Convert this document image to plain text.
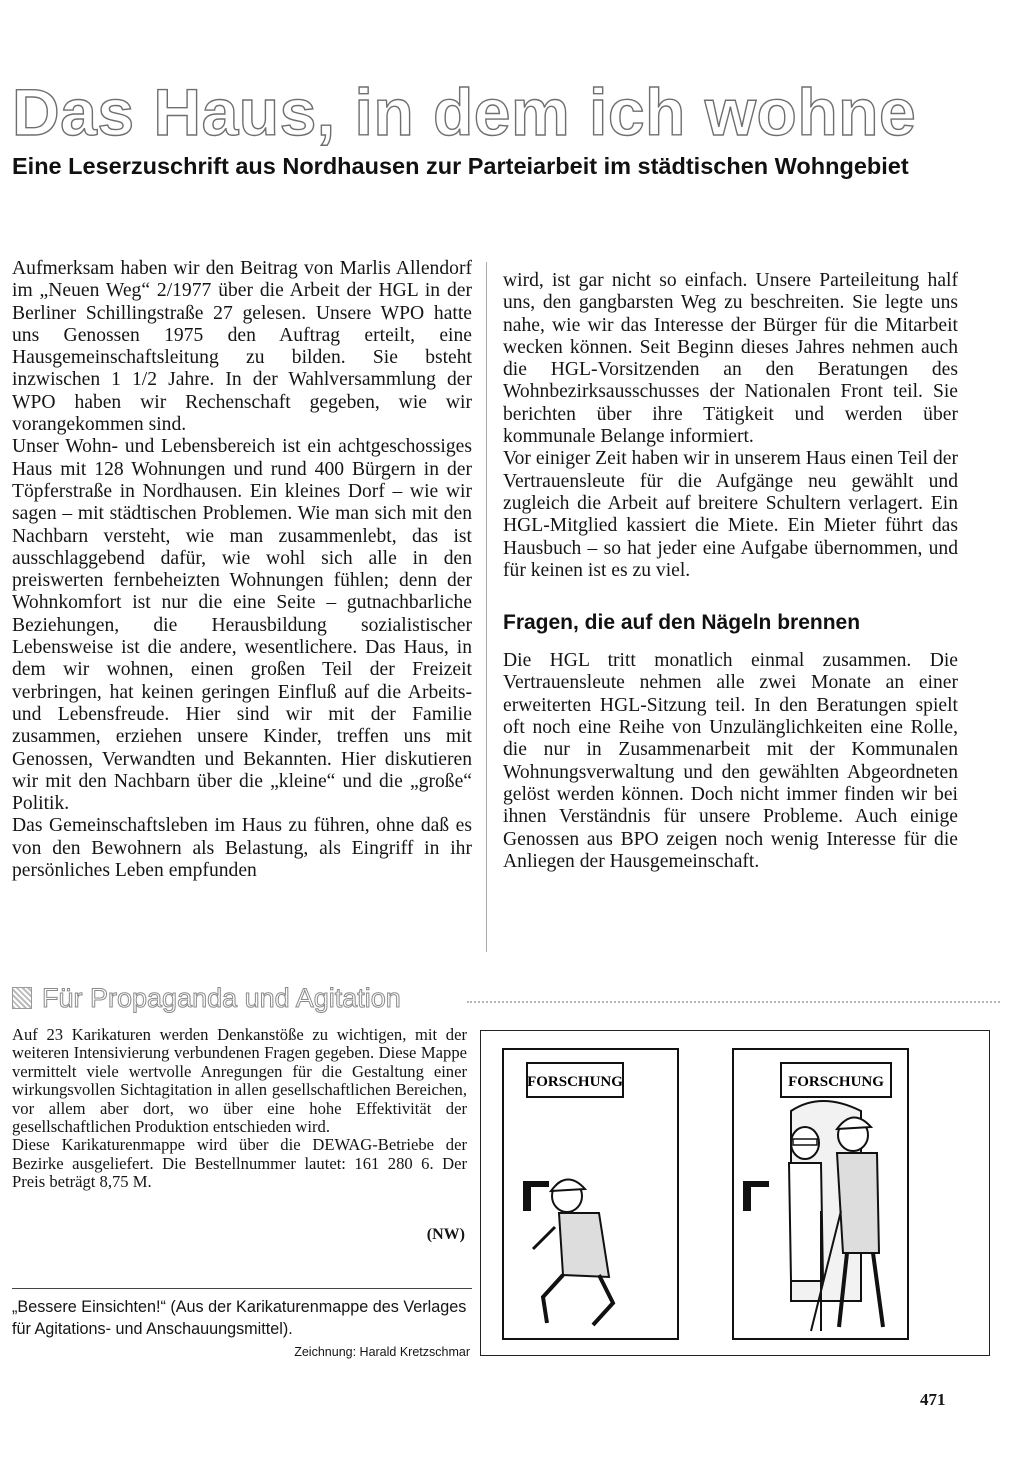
Das Haus, in dem ich wohne
Eine Leserzuschrift aus Nordhausen zur Parteiarbeit im städtischen Wohngebiet

Aufmerksam haben wir den Beitrag von Marlis Allendorf im „Neuen Weg“ 2/1977 über die Arbeit der HGL in der Berliner Schillingstraße 27 gelesen. Unsere WPO hatte uns Genossen 1975 den Auftrag erteilt, eine Hausgemeinschaftsleitung zu bilden. Sie bsteht inzwischen 1 1/2 Jahre. In der Wahlversammlung der WPO haben wir Rechenschaft gegeben, wie wir vorangekommen sind.

Unser Wohn- und Lebensbereich ist ein achtgeschossiges Haus mit 128 Wohnungen und rund 400 Bürgern in der Töpferstraße in Nordhausen. Ein kleines Dorf – wie wir sagen – mit städtischen Problemen. Wie man sich mit den Nachbarn versteht, wie man zusammenlebt, das ist ausschlaggebend dafür, wie wohl sich alle in den preiswerten fernbeheizten Wohnungen fühlen; denn der Wohnkomfort ist nur die eine Seite – gutnachbarliche Beziehungen, die Herausbildung sozialistischer Lebensweise ist die andere, wesentlichere. Das Haus, in dem wir wohnen, einen großen Teil der Freizeit verbringen, hat keinen geringen Einfluß auf die Arbeits- und Lebensfreude. Hier sind wir mit der Familie zusammen, erziehen unsere Kinder, treffen uns mit Genossen, Verwandten und Bekannten. Hier diskutieren wir mit den Nachbarn über die „kleine“ und die „große“ Politik.

Das Gemeinschaftsleben im Haus zu führen, ohne daß es von den Bewohnern als Belastung, als Eingriff in ihr persönliches Leben empfunden

wird, ist gar nicht so einfach. Unsere Parteileitung half uns, den gangbarsten Weg zu beschreiten. Sie legte uns nahe, wie wir das Interesse der Bürger für die Mitarbeit wecken können. Seit Beginn dieses Jahres nehmen auch die HGL-Vorsitzenden an den Beratungen des Wohnbezirksausschusses der Nationalen Front teil. Sie berichten über ihre Tätigkeit und werden über kommunale Belange informiert.

Vor einiger Zeit haben wir in unserem Haus einen Teil der Vertrauensleute für die Aufgänge neu gewählt und zugleich die Arbeit auf breitere Schultern verlagert. Ein HGL-Mitglied kassiert die Miete. Ein Mieter führt das Hausbuch – so hat jeder eine Aufgabe übernommen, und für keinen ist es zu viel.

Fragen, die auf den Nägeln brennen

Die HGL tritt monatlich einmal zusammen. Die Vertrauensleute nehmen alle zwei Monate an einer erweiterten HGL-Sitzung teil. In den Beratungen spielt oft noch eine Reihe von Unzulänglichkeiten eine Rolle, die nur in Zusammenarbeit mit der Kommunalen Wohnungsverwaltung und den gewählten Abgeordneten gelöst werden können. Doch nicht immer finden wir bei ihnen Verständnis für unsere Probleme. Auch einige Genossen aus BPO zeigen noch wenig Interesse für die Anliegen der Hausgemeinschaft.

Für Propaganda und Agitation

Auf 23 Karikaturen werden Denkanstöße zu wichtigen, mit der weiteren Intensivierung verbundenen Fragen gegeben. Diese Mappe vermittelt viele wertvolle Anregungen für die Gestaltung einer wirkungsvollen Sichtagitation in allen gesellschaftlichen Bereichen, vor allem aber dort, wo über eine hohe Effektivität der gesellschaftlichen Produktion entschieden wird.

Diese Karikaturenmappe wird über die DEWAG-Betriebe der Bezirke ausgeliefert. Die Bestellnummer lautet: 161 280 6. Der Preis beträgt 8,75 M.

(NW)
„Bessere Einsichten!“ (Aus der Karikaturenmappe des Verlages für Agitations- und Anschauungsmittel).
Zeichnung: Harald Kretzschmar
FORSCHUNG	FORSCHUNG
471
